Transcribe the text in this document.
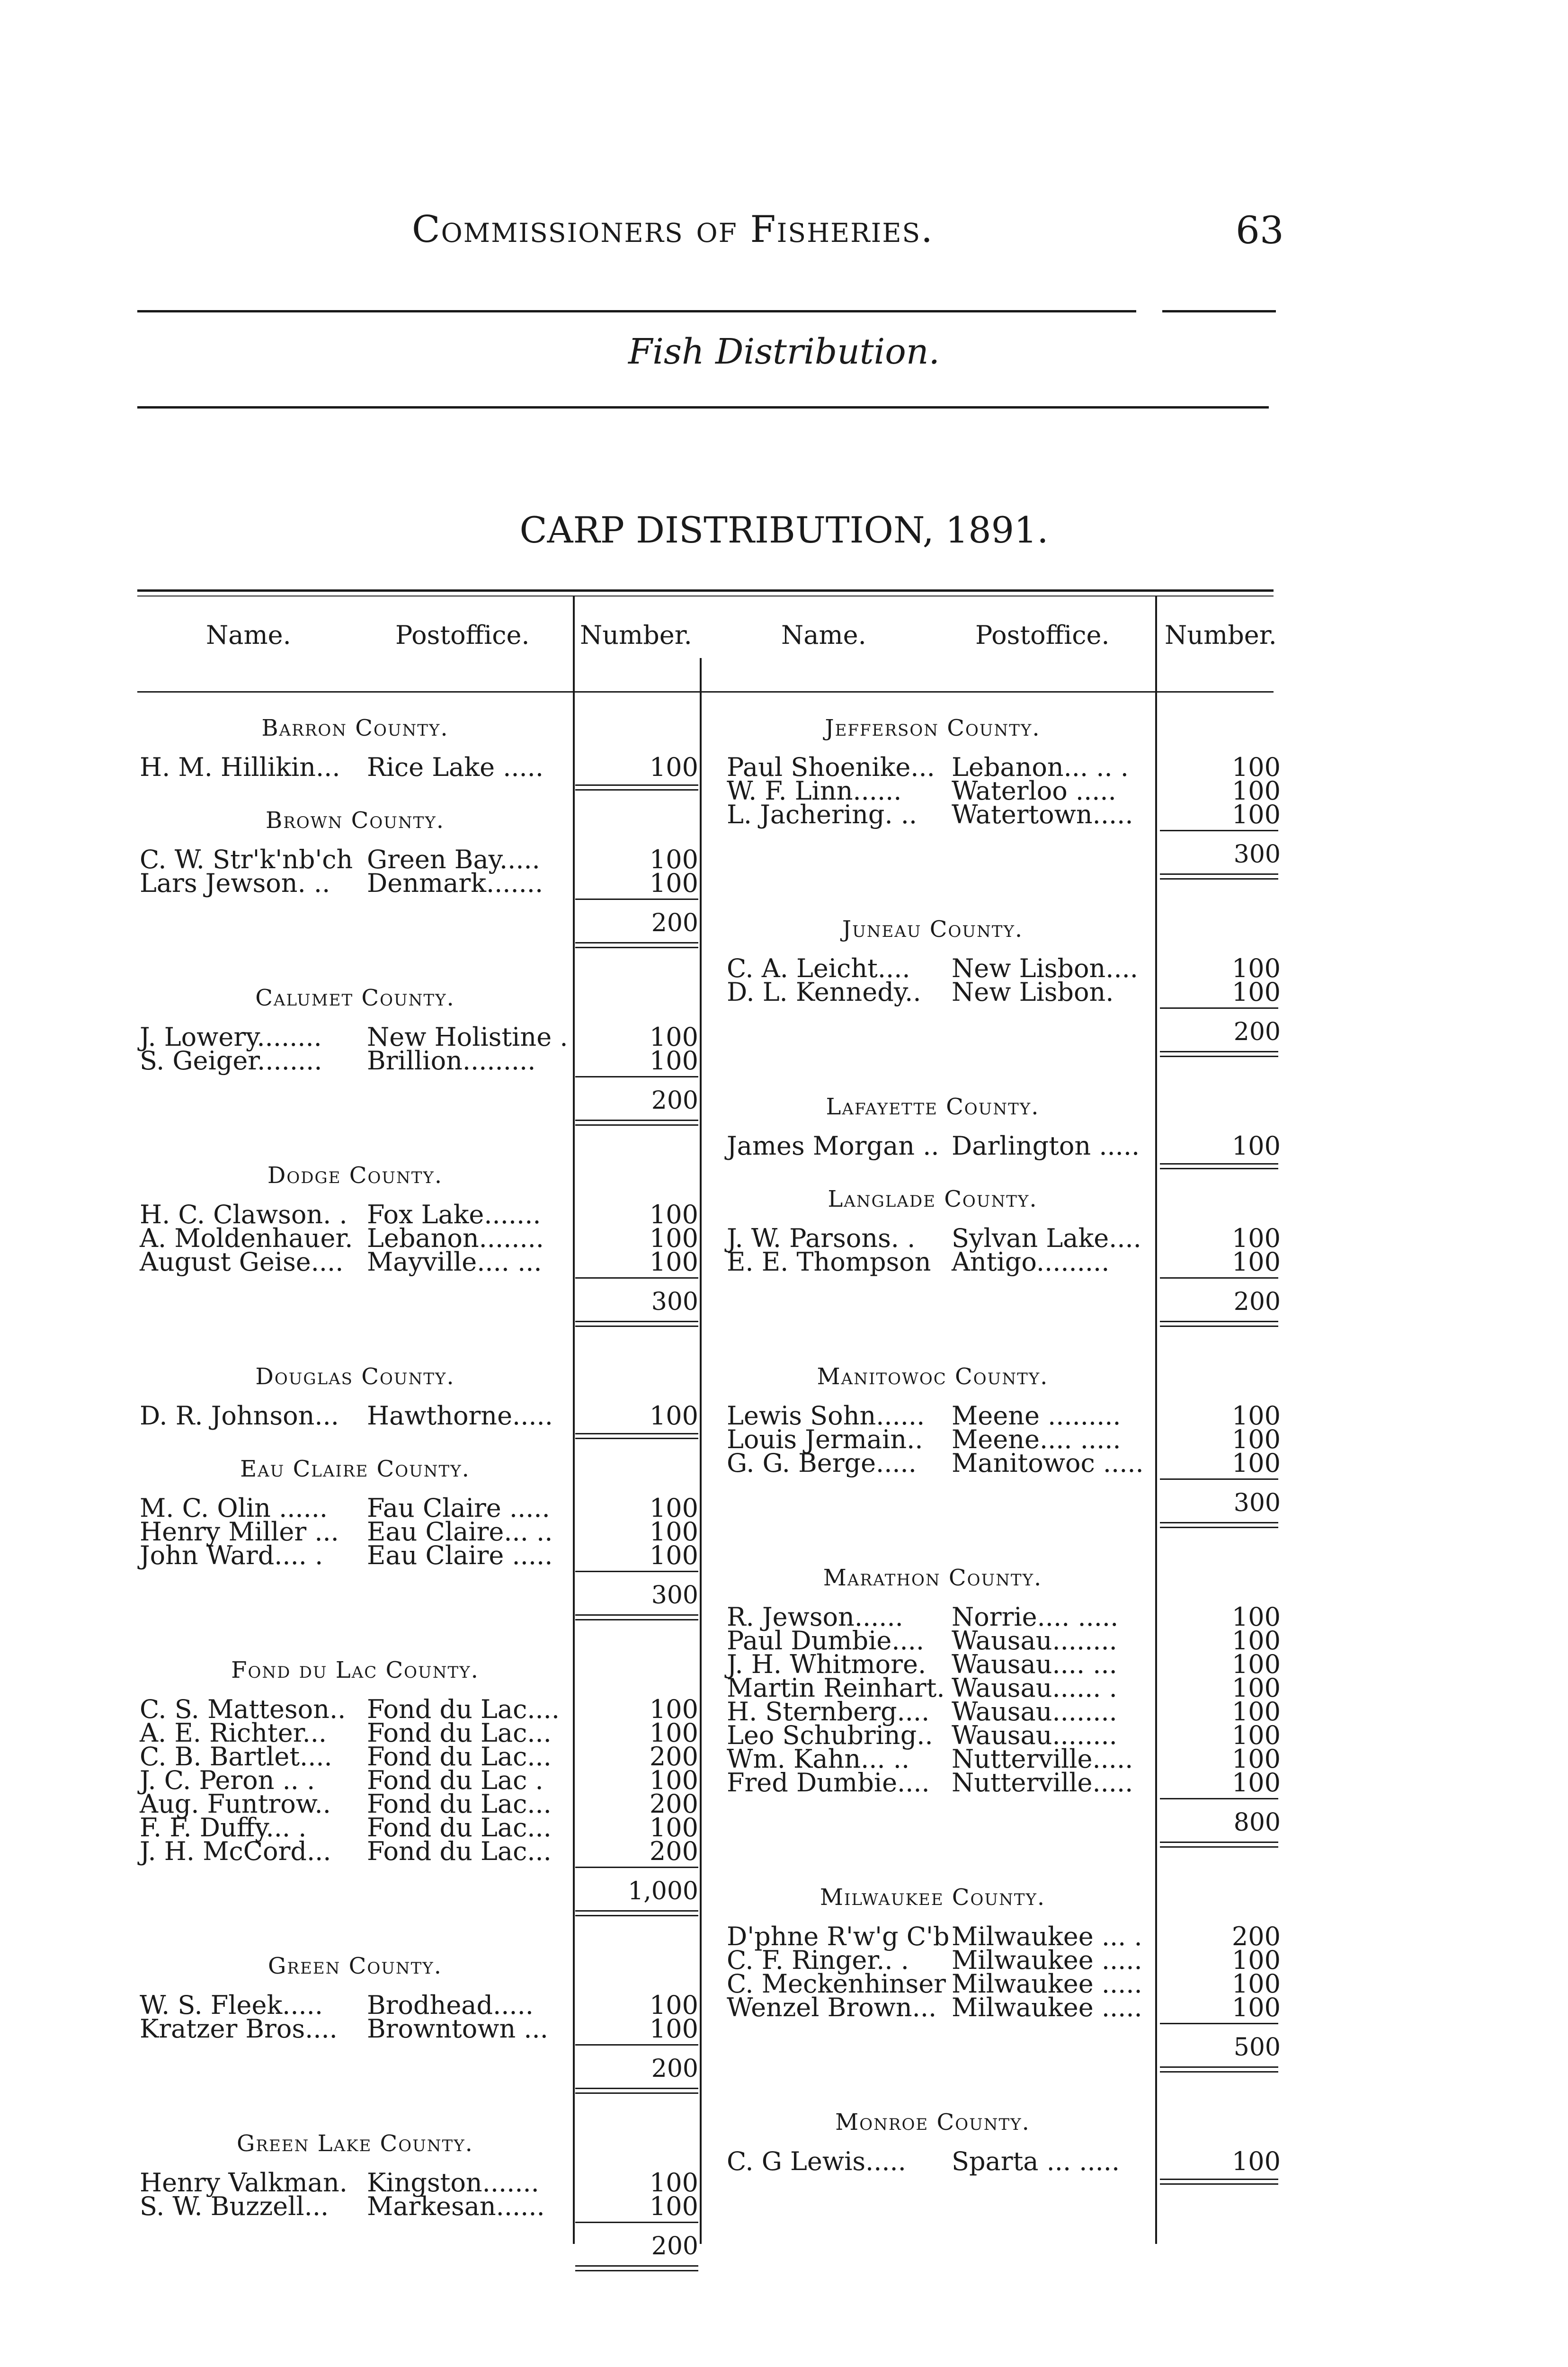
Commissioners of Fisheries.	63
Fish Distribution.
CARP DISTRIBUTION, 1891.
Name.	Postoffice. Number.	Name.	Postoffice. Number.
Barron County.
H. M. Hillikin... Rice Lake .....	100
Brown County.
C. W. Str'k'nb'ch Green Bay.....	100
Lars Jewson. .. Denmark.......	100
200
Calumet County.
J. Lowery........ New Holistine .	100
S. Geiger........ Brillion.........	100
200
Dodge County.
H. C. Clawson. . Fox Lake.......	100
A. Moldenhauer. Lebanon........	100
August Geise.... Mayville.... ...	100
300
Douglas County.
D. R. Johnson... Hawthorne.....	100
Eau Claire County.
M. C. Olin ...... Fau Claire .....	100
Henry Miller ... Eau Claire... ..	100
John Ward.... . Eau Claire .....	100
300
Fond du Lac County.
C. S. Matteson.. Fond du Lac....	100
A. E. Richter... Fond du Lac...	100
C. B. Bartlet.... Fond du Lac...	200
J. C. Peron .. . Fond du Lac .	100
Aug. Funtrow.. Fond du Lac...	200
F. F. Duffy... . Fond du Lac...	100
J. H. McCord... Fond du Lac...	200
1,000
Green County.
W. S. Fleek..... Brodhead.....	100
Kratzer Bros.... Browntown ...	100
200
Green Lake County.
Henry Valkman. Kingston.......	100
S. W. Buzzell... Markesan......	100
200
Jefferson County.
Paul Shoenike... Lebanon... .. .	100
W. F. Linn...... Waterloo .....	100
L. Jachering. .. Watertown.....	100
300
Juneau County.
C. A. Leicht.... New Lisbon....	100
D. L. Kennedy.. New Lisbon.	100
200
Lafayette County.
James Morgan .. Darlington .....	100
Langlade County.
J. W. Parsons. . Sylvan Lake....	100
E. E. Thompson Antigo.........	100
200
Manitowoc County.
Lewis Sohn...... Meene .........	100
Louis Jermain.. Meene.... .....	100
G. G. Berge..... Manitowoc .....	100
300
Marathon County.
R. Jewson...... Norrie.... .....	100
Paul Dumbie.... Wausau........	100
J. H. Whitmore. Wausau.... ...	100
Martin Reinhart. Wausau...... .	100
H. Sternberg.... Wausau........	100
Leo Schubring.. Wausau........	100
Wm. Kahn... .. Nutterville.....	100
Fred Dumbie.... Nutterville.....	100
800
Milwaukee County.
D'phne R'w'g C'b Milwaukee ... .	200
C. F. Ringer.. . Milwaukee .....	100
C. Meckenhinser Milwaukee .....	100
Wenzel Brown... Milwaukee .....	100
500
Monroe County.
C. G Lewis..... Sparta ... .....	100
